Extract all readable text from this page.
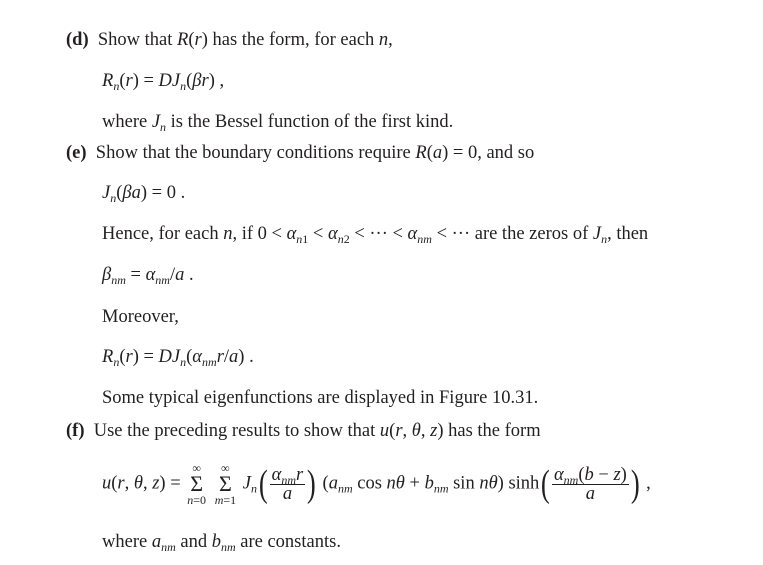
(d)  Show that R(r) has the form, for each n,
$R_n(r) = DJ_n(\beta r)$ ,
where $J_n$ is the Bessel function of the first kind.
(e)  Show that the boundary conditions require R(a) = 0, and so
$J_n(\beta a) = 0$ .
Hence, for each n, if $0 < \alpha_{n1} < \alpha_{n2}$ < ··· < $\alpha_{nm}$ < ··· are the zeros of $J_n$, then
$\beta_{nm} = \alpha_{nm}/a$ .
Moreover,
$R_n(r) = DJ_n(\alpha_{nm}r/a)$ .
Some typical eigenfunctions are displayed in Figure 10.31.
(f)  Use the preceding results to show that u(r, θ, z) has the form
u(r, θ, z) =
∞
Σ
n=0

∞
Σ
m=1
$J_n( \frac{\alpha_{nm}r}{a}$ ) ($a_{nm}$ $\cos n\theta + b_{nm}$ sin nθ) $\sinh( \frac{\alpha_{nm}(b - z)}{a}$ ) ,
where $a_{nm}$ and $b_{nm}$ are constants.
